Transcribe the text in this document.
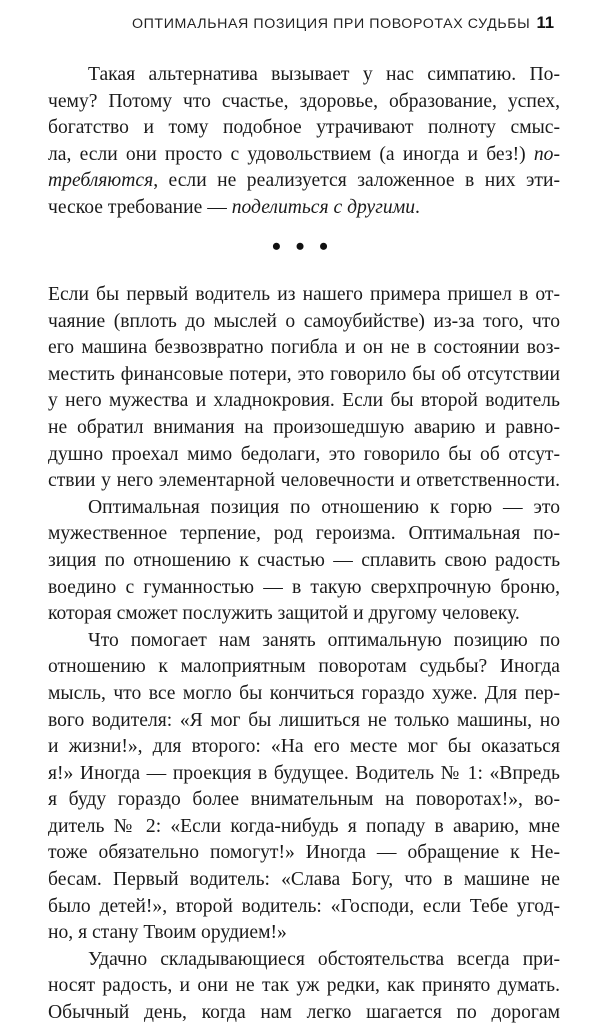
ОПТИМАЛЬНАЯ ПОЗИЦИЯ ПРИ ПОВОРОТАХ СУДЬБЫ 11
Такая альтернатива вызывает у нас симпатию. По-
чему? Потому что счастье, здоровье, образование, успех,
богатство и тому подобное утрачивают полноту смыс-
ла, если они просто с удовольствием (а иногда и без!) по-
требляются, если не реализуется заложенное в них эти-
ческое требование — поделиться с другими.
• • •
Если бы первый водитель из нашего примера пришел в от-
чаяние (вплоть до мыслей о самоубийстве) из-за того, что
его машина безвозвратно погибла и он не в состоянии воз-
местить финансовые потери, это говорило бы об отсутствии
у него мужества и хладнокровия. Если бы второй водитель
не обратил внимания на произошедшую аварию и равно-
душно проехал мимо бедолаги, это говорило бы об отсут-
ствии у него элементарной человечности и ответственности.
Оптимальная позиция по отношению к горю — это
мужественное терпение, род героизма. Оптимальная по-
зиция по отношению к счастью — сплавить свою радость
воедино с гуманностью — в такую сверхпрочную броню,
которая сможет послужить защитой и другому человеку.
Что помогает нам занять оптимальную позицию по
отношению к малоприятным поворотам судьбы? Иногда
мысль, что все могло бы кончиться гораздо хуже. Для пер-
вого водителя: «Я мог бы лишиться не только машины, но
и жизни!», для второго: «На его месте мог бы оказаться
я!» Иногда — проекция в будущее. Водитель № 1: «Впредь
я буду гораздо более внимательным на поворотах!», во-
дитель № 2: «Если когда-нибудь я попаду в аварию, мне
тоже обязательно помогут!» Иногда — обращение к Не-
бесам. Первый водитель: «Слава Богу, что в машине не
было детей!», второй водитель: «Господи, если Тебе угод-
но, я стану Твоим орудием!»
Удачно складывающиеся обстоятельства всегда при-
носят радость, и они не так уж редки, как принято думать.
Обычный день, когда нам легко шагается по дорогам
